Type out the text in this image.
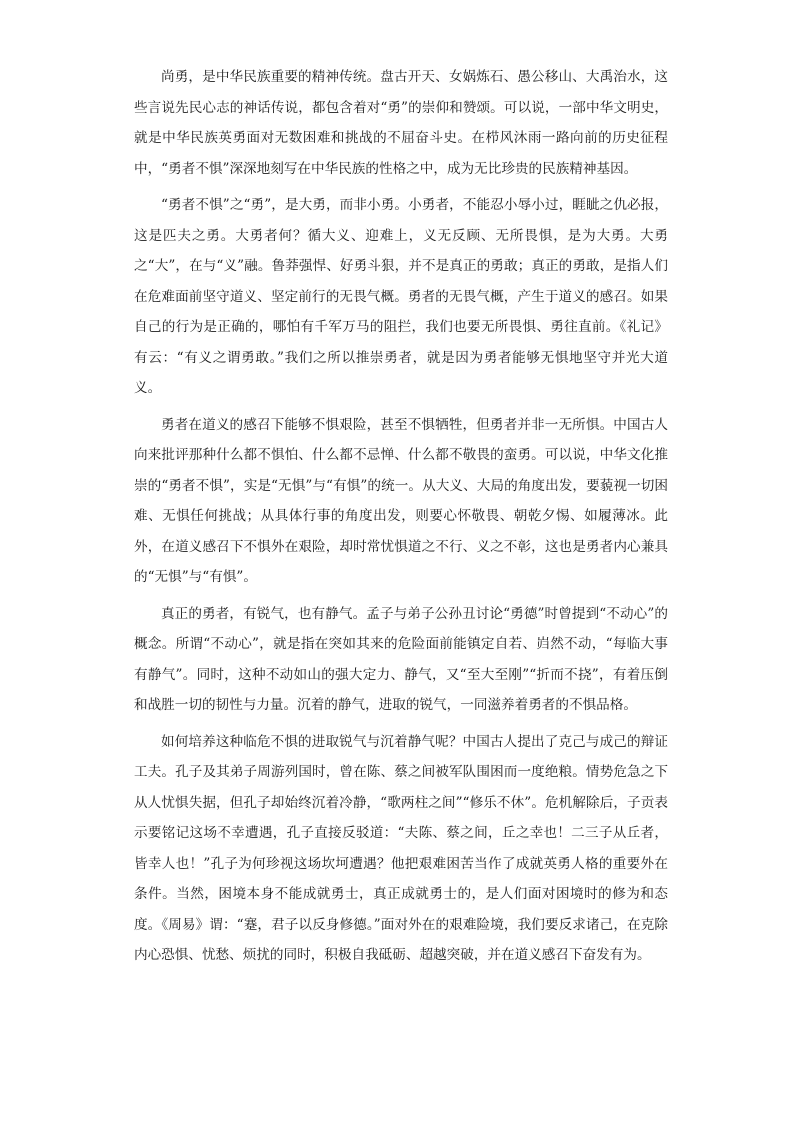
尚勇，是中华民族重要的精神传统。盘古开天、女娲炼石、愚公移山、大禹治水，这些言说先民心志的神话传说，都包含着对“勇”的崇仰和赞颂。可以说，一部中华文明史，就是中华民族英勇面对无数困难和挑战的不屈奋斗史。在栉风沐雨一路向前的历史征程中，“勇者不惧”深深地刻写在中华民族的性格之中，成为无比珍贵的民族精神基因。

“勇者不惧”之“勇”，是大勇，而非小勇。小勇者，不能忍小辱小过，睚眦之仇必报，这是匹夫之勇。大勇者何？循大义、迎难上，义无反顾、无所畏惧，是为大勇。大勇之“大”，在与“义”融。鲁莽强悍、好勇斗狠，并不是真正的勇敢；真正的勇敢，是指人们在危难面前坚守道义、坚定前行的无畏气概。勇者的无畏气概，产生于道义的感召。如果自己的行为是正确的，哪怕有千军万马的阻拦，我们也要无所畏惧、勇往直前。《礼记》有云：“有义之谓勇敢。”我们之所以推崇勇者，就是因为勇者能够无惧地坚守并光大道义。

勇者在道义的感召下能够不惧艰险，甚至不惧牺牲，但勇者并非一无所惧。中国古人向来批评那种什么都不惧怕、什么都不忌惮、什么都不敬畏的蛮勇。可以说，中华文化推崇的“勇者不惧”，实是“无惧”与“有惧”的统一。从大义、大局的角度出发，要藐视一切困难、无惧任何挑战；从具体行事的角度出发，则要心怀敬畏、朝乾夕惕、如履薄冰。此外，在道义感召下不惧外在艰险，却时常忧惧道之不行、义之不彰，这也是勇者内心兼具的“无惧”与“有惧”。

真正的勇者，有锐气，也有静气。孟子与弟子公孙丑讨论“勇德”时曾提到“不动心”的概念。所谓“不动心”，就是指在突如其来的危险面前能镇定自若、岿然不动，“每临大事有静气”。同时，这种不动如山的强大定力、静气，又“至大至刚”“折而不挠”，有着压倒和战胜一切的韧性与力量。沉着的静气，进取的锐气，一同滋养着勇者的不惧品格。

如何培养这种临危不惧的进取锐气与沉着静气呢？中国古人提出了克己与成己的辩证工夫。孔子及其弟子周游列国时，曾在陈、蔡之间被军队围困而一度绝粮。情势危急之下从人忧惧失据，但孔子却始终沉着冷静，“歌两柱之间”“修乐不休”。危机解除后，子贡表示要铭记这场不幸遭遇，孔子直接反驳道：“夫陈、蔡之间，丘之幸也！二三子从丘者，皆幸人也！”孔子为何珍视这场坎坷遭遇？他把艰难困苦当作了成就英勇人格的重要外在条件。当然，困境本身不能成就勇士，真正成就勇士的，是人们面对困境时的修为和态度。《周易》谓：“蹇，君子以反身修德。”面对外在的艰难险境，我们要反求诸己，在克除内心恐惧、忧愁、烦扰的同时，积极自我砥砺、超越突破，并在道义感召下奋发有为。
